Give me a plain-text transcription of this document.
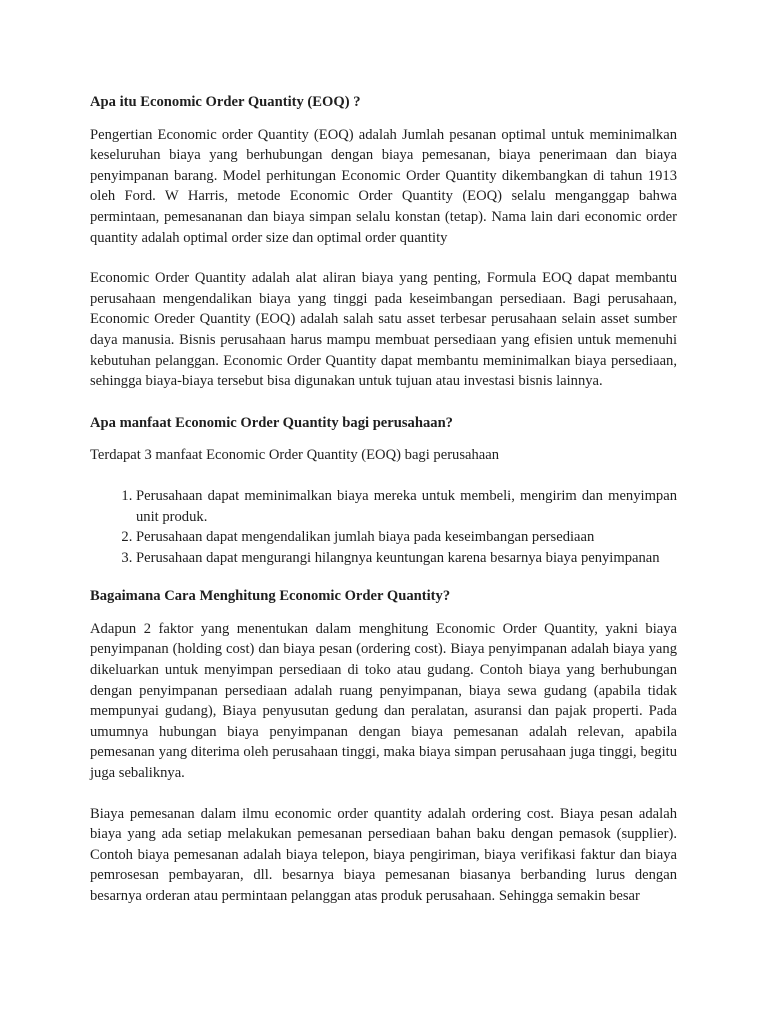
Apa itu Economic Order Quantity (EOQ) ?

Pengertian Economic order Quantity (EOQ) adalah Jumlah pesanan optimal untuk meminimalkan keseluruhan biaya yang berhubungan dengan biaya pemesanan, biaya penerimaan dan biaya penyimpanan barang. Model perhitungan Economic Order Quantity dikembangkan di tahun 1913 oleh Ford. W Harris, metode Economic Order Quantity (EOQ) selalu menganggap bahwa permintaan, pemesananan dan biaya simpan selalu konstan (tetap). Nama lain dari economic order quantity adalah optimal order size dan optimal order quantity

Economic Order Quantity adalah alat aliran biaya yang penting, Formula EOQ dapat membantu perusahaan mengendalikan biaya yang tinggi pada keseimbangan persediaan. Bagi perusahaan, Economic Oreder Quantity (EOQ) adalah salah satu asset terbesar perusahaan selain asset sumber daya manusia. Bisnis perusahaan harus mampu membuat persediaan yang efisien untuk memenuhi kebutuhan pelanggan. Economic Order Quantity dapat membantu meminimalkan biaya persediaan, sehingga biaya-biaya tersebut bisa digunakan untuk tujuan atau investasi bisnis lainnya.

Apa manfaat Economic Order Quantity bagi perusahaan?

Terdapat 3 manfaat Economic Order Quantity (EOQ) bagi perusahaan

1. Perusahaan dapat meminimalkan biaya mereka untuk membeli, mengirim dan menyimpan unit produk.
2. Perusahaan dapat mengendalikan jumlah biaya pada keseimbangan persediaan
3. Perusahaan dapat mengurangi hilangnya keuntungan karena besarnya biaya penyimpanan
Bagaimana Cara Menghitung Economic Order Quantity?

Adapun 2 faktor yang menentukan dalam menghitung Economic Order Quantity, yakni biaya penyimpanan (holding cost) dan biaya pesan (ordering cost). Biaya penyimpanan adalah biaya yang dikeluarkan untuk menyimpan persediaan di toko atau gudang. Contoh biaya yang berhubungan dengan penyimpanan persediaan adalah ruang penyimpanan, biaya sewa gudang (apabila tidak mempunyai gudang), Biaya penyusutan gedung dan peralatan, asuransi dan pajak properti. Pada umumnya hubungan biaya penyimpanan dengan biaya pemesanan adalah relevan, apabila pemesanan yang diterima oleh perusahaan tinggi, maka biaya simpan perusahaan juga tinggi, begitu juga sebaliknya.

Biaya pemesanan dalam ilmu economic order quantity adalah ordering cost. Biaya pesan adalah biaya yang ada setiap melakukan pemesanan persediaan bahan baku dengan pemasok (supplier). Contoh biaya pemesanan adalah biaya telepon, biaya pengiriman, biaya verifikasi faktur dan biaya pemrosesan pembayaran, dll. besarnya biaya pemesanan biasanya berbanding lurus dengan besarnya orderan atau permintaan pelanggan atas produk perusahaan. Sehingga semakin besar
